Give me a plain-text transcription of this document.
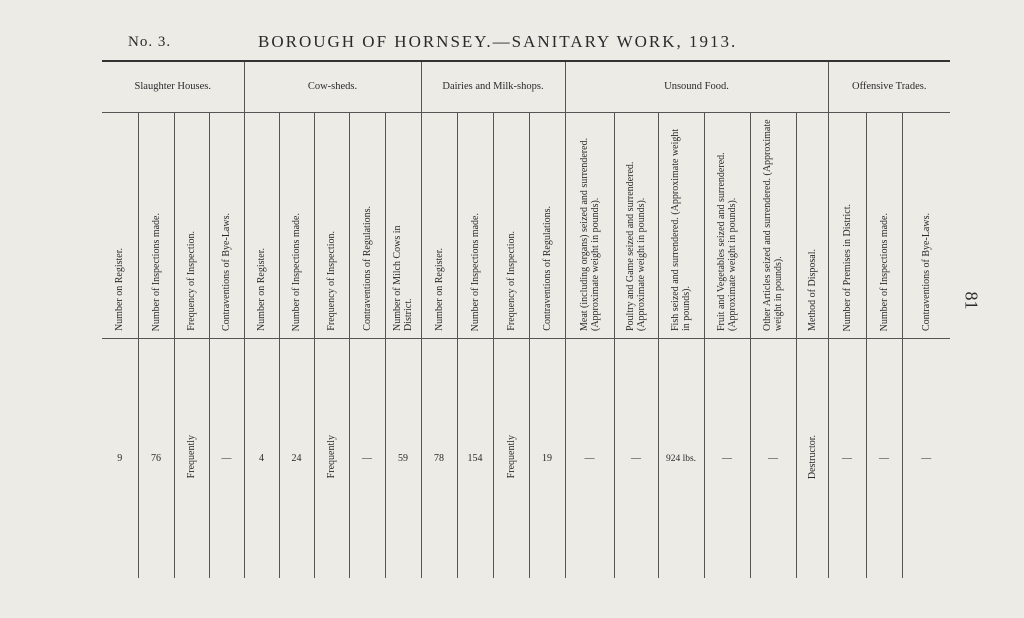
No. 3.	BOROUGH OF HORNSEY.—SANITARY WORK, 1913.
81

Slaughter Houses.				Cow-sheds.					Dairies and Milk-shops.				Unsound Food.						Offensive Trades.		
Number on Register.	Number of Inspections made.	Frequency of Inspection.	Contraventions of Bye-Laws.	Number on Register.	Number of Inspections made.	Frequency of Inspection.	Contraventions of Regulations.	Number of Milch Cows in District.	Number on Register.	Number of Inspections made.	Frequency of Inspection.	Contraventions of Regulations.	Meat (including organs) seized and surrendered. (Approximate weight in pounds).	Poultry and Game seized and surrendered. (Approximate weight in pounds).	Fish seized and surrendered. (Approximate weight in pounds).	Fruit and Vegetables seized and surrendered. (Approximate weight in pounds).	Other Articles seized and surrendered. (Approximate weight in pounds).	Method of Disposal.	Number of Premises in District.	Number of Inspections made.	Contraventions of Bye-Laws.
9	76	Frequently	—	4	24	Frequently	—	59	78	154	Frequently	19	—	—	924 lbs.	—	—	Destructor.	—	—	—
